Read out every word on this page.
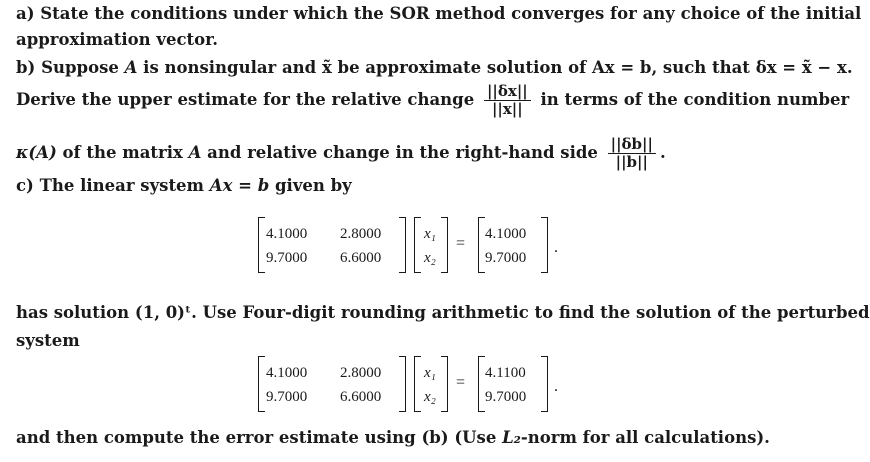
a) State the conditions under which the SOR method converges for any choice of the initial
approximation vector.
b) Suppose A is nonsingular and x̃ be approximate solution of Ax = b, such that δx = x̃ − x.
Derive the upper estimate for the relative change $\frac{||\delta x||}{||x||}$ in terms of the condition number
κ(A) of the matrix A and relative change in the right-hand side $\frac{||\delta b||}{||b||}$ .
c) The linear system Ax = b given by
4.1000 2.8000
9.7000 6.6000
x₁
x₂
=
4.1000
9.7000
.
has solution (1, 0)ᵗ. Use Four-digit rounding arithmetic to find the solution of the perturbed
system
4.1000 2.8000
9.7000 6.6000
x₁
x₂
=
4.1100
9.7000
.
and then compute the error estimate using (b) (Use L₂-norm for all calculations).
